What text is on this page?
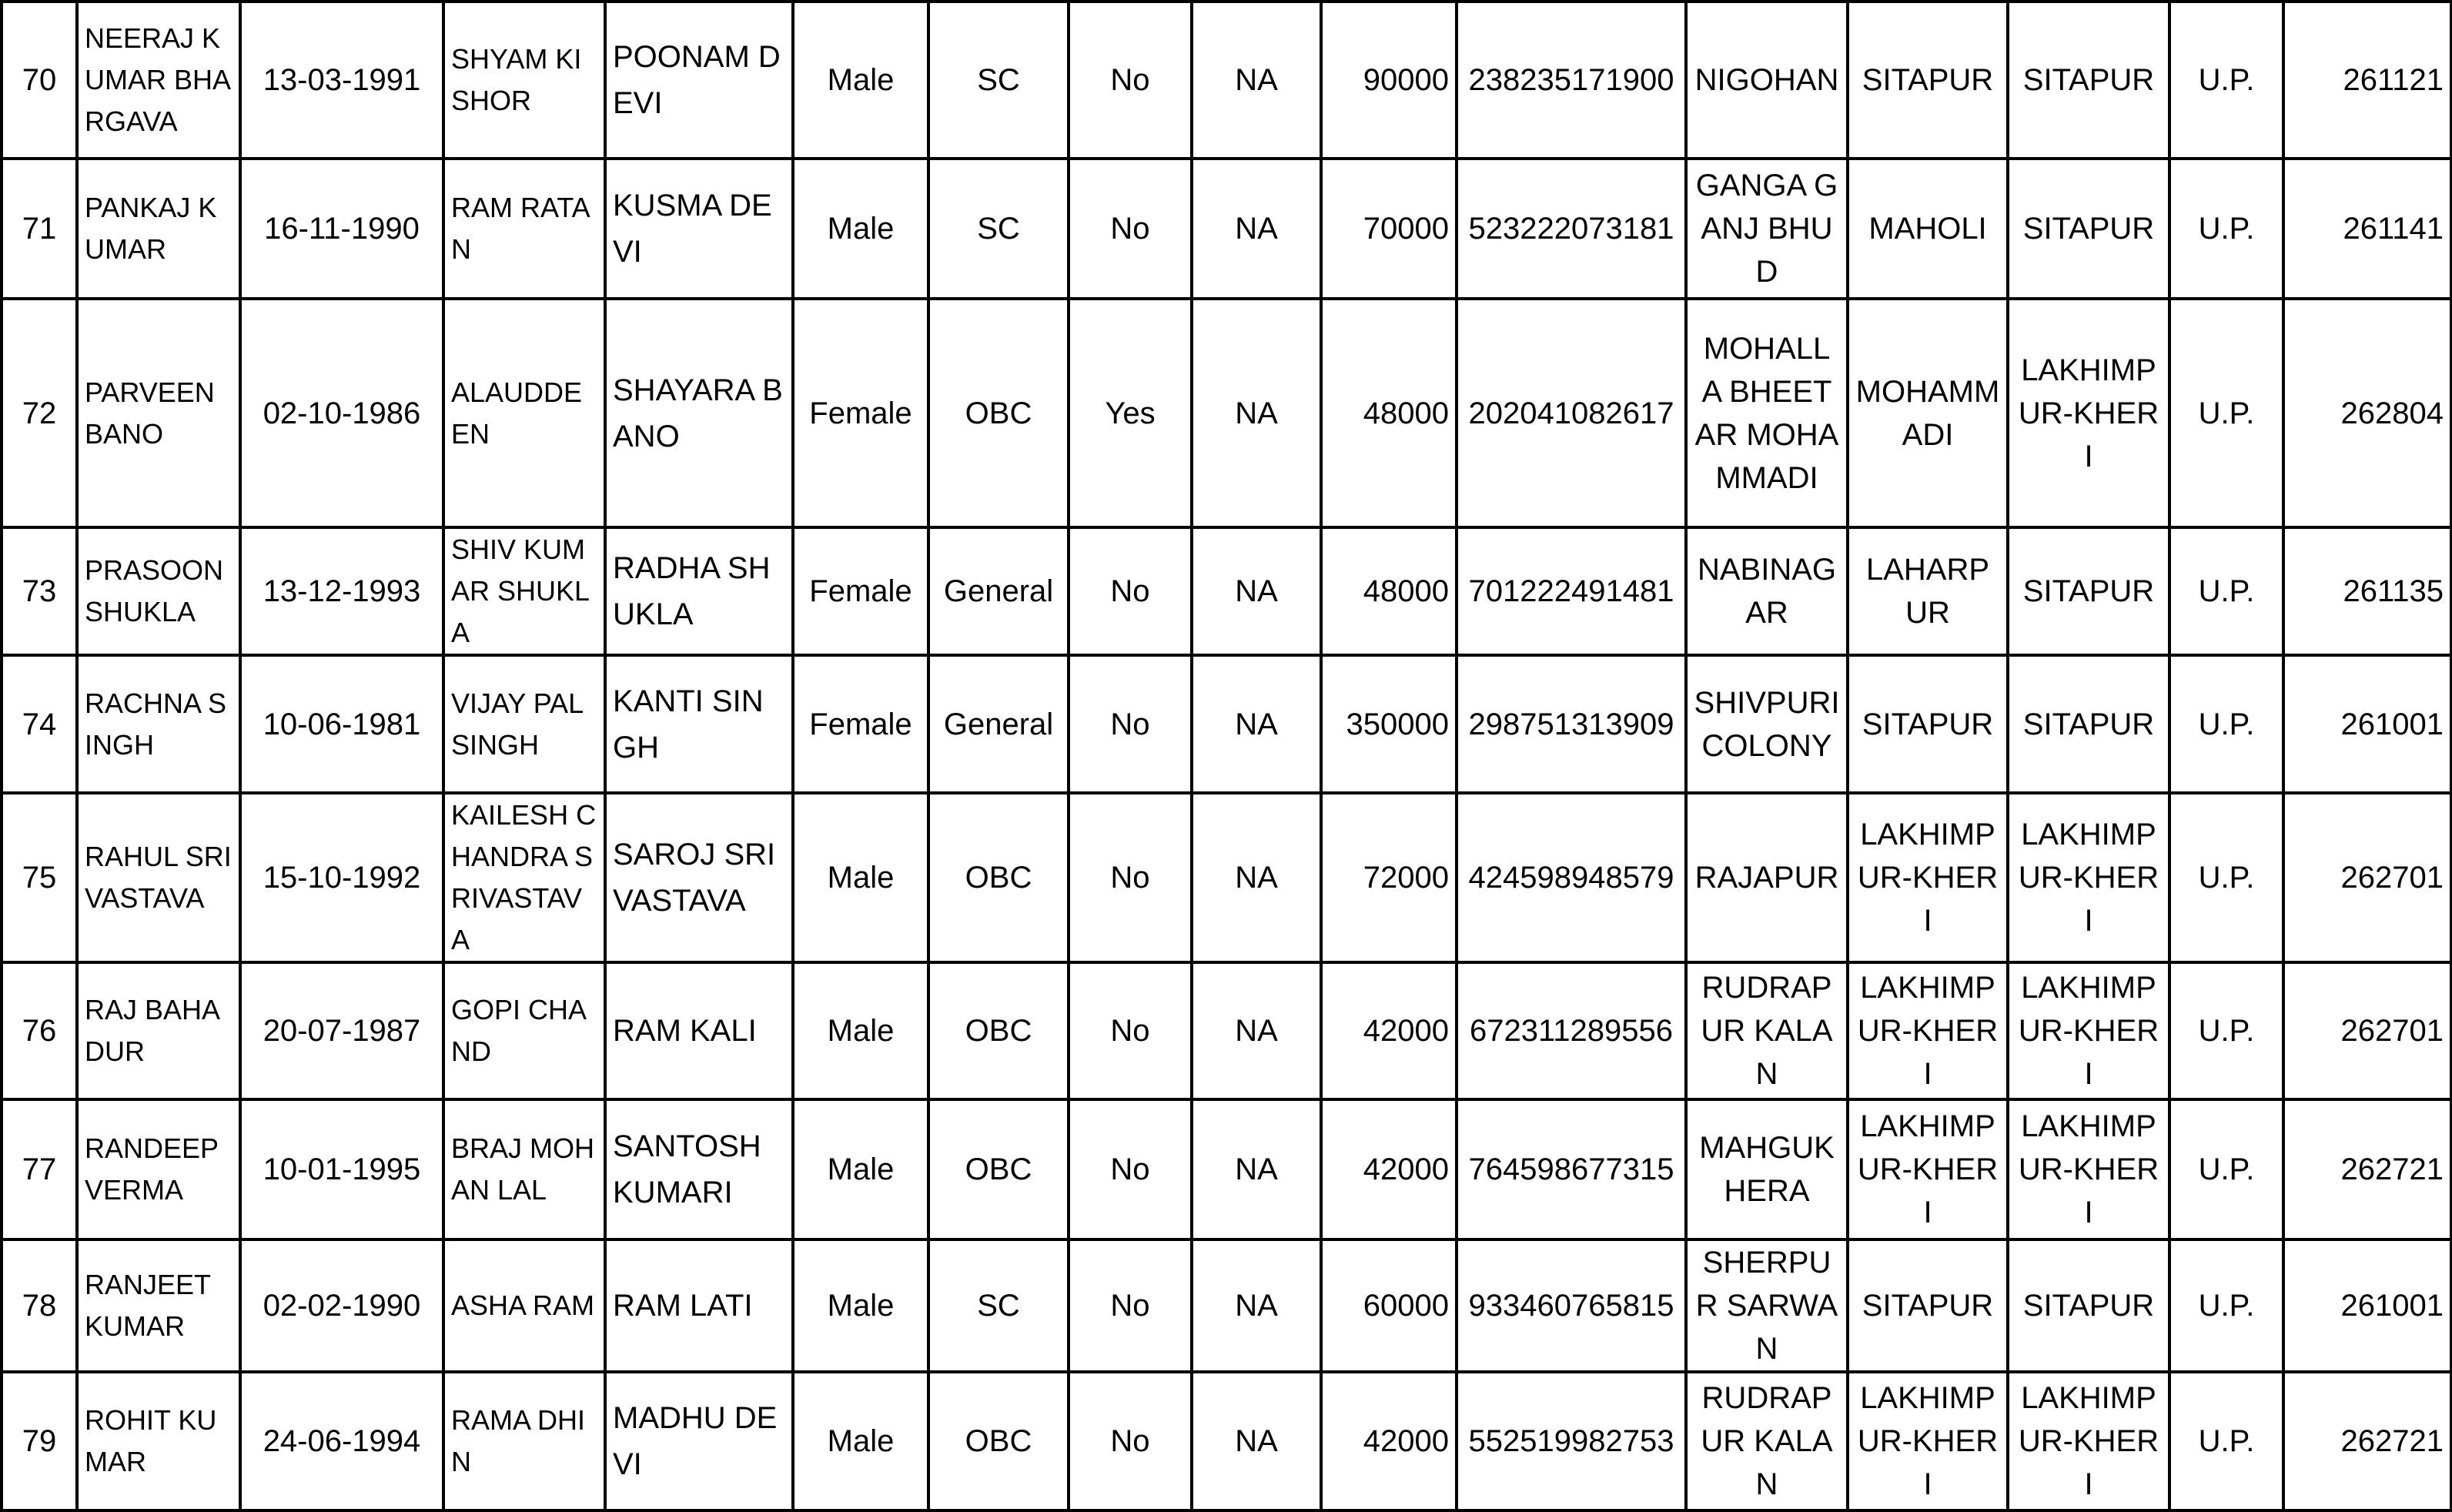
70	NEERAJ KUMAR BHARGAVA	13-03-1991	SHYAM KISHOR	POONAM DEVI	Male	SC	No	NA	90000	238235171900	NIGOHAN	SITAPUR	SITAPUR	U.P.	261121
71	PANKAJ KUMAR	16-11-1990	RAM RATAN	KUSMA DEVI	Male	SC	No	NA	70000	523222073181	GANGA GANJ BHUD	MAHOLI	SITAPUR	U.P.	261141
72	PARVEEN BANO	02-10-1986	ALAUDDEEN	SHAYARA BANO	Female	OBC	Yes	NA	48000	202041082617	MOHALLA BHEETAR MOHAMMADI	MOHAMMADI	LAKHIMPUR-KHERI	U.P.	262804
73	PRASOON SHUKLA	13-12-1993	SHIV KUMAR SHUKLA	RADHA SHUKLA	Female	General	No	NA	48000	701222491481	NABINAGAR	LAHARPUR	SITAPUR	U.P.	261135
74	RACHNA SINGH	10-06-1981	VIJAY PAL SINGH	KANTI SINGH	Female	General	No	NA	350000	298751313909	SHIVPURI COLONY	SITAPUR	SITAPUR	U.P.	261001
75	RAHUL SRIVASTAVA	15-10-1992	KAILESH CHANDRA SRIVASTAVA	SAROJ SRIVASTAVA	Male	OBC	No	NA	72000	424598948579	RAJAPUR	LAKHIMPUR-KHERI	LAKHIMPUR-KHERI	U.P.	262701
76	RAJ BAHADUR	20-07-1987	GOPI CHAND	RAM KALI	Male	OBC	No	NA	42000	672311289556	RUDRAPUR KALAN	LAKHIMPUR-KHERI	LAKHIMPUR-KHERI	U.P.	262701
77	RANDEEP VERMA	10-01-1995	BRAJ MOHAN LAL	SANTOSH KUMARI	Male	OBC	No	NA	42000	764598677315	MAHGUKHERA	LAKHIMPUR-KHERI	LAKHIMPUR-KHERI	U.P.	262721
78	RANJEET KUMAR	02-02-1990	ASHA RAM	RAM LATI	Male	SC	No	NA	60000	933460765815	SHERPUR SARWAN	SITAPUR	SITAPUR	U.P.	261001
79	ROHIT KUMAR	24-06-1994	RAMA DHIN	MADHU DEVI	Male	OBC	No	NA	42000	552519982753	RUDRAPUR KALAN	LAKHIMPUR-KHERI	LAKHIMPUR-KHERI	U.P.	262721
